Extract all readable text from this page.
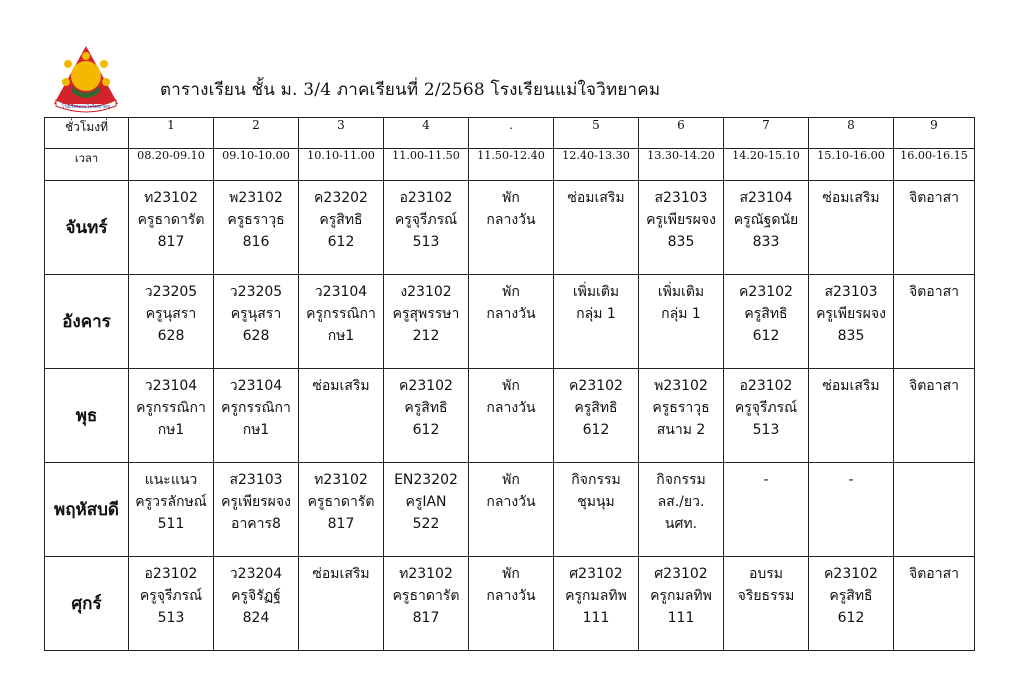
โรงเรียนแม่ใจวิทยาคม
ตารางเรียน ชั้น ม. 3/4 ภาคเรียนที่ 2/2568 โรงเรียนแม่ใจวิทยาคม
ชั่วโมงที่	1	2	3	4	.	5	6	7	8	9
เวลา	08.20-09.10	09.10-10.00	10.10-11.00	11.00-11.50	11.50-12.40	12.40-13.30	13.30-14.20	14.20-15.10	15.10-16.00	16.00-16.15
จันทร์	ท23102
ครูธาดารัต
817	พ23102
ครูธราวุธ
816	ค23202
ครูสิทธิ
612	อ23102
ครูจุรีภรณ์
513	พัก
กลางวัน	ซ่อมเสริม	ส23103
ครูเพียรผจง
835	ส23104
ครูณัฐดนัย
833	ซ่อมเสริม	จิตอาสา

อังคาร	ว23205
ครูนุสรา
628	ว23205
ครูนุสรา
628	ว23104
ครูกรรณิกา
กษ1	ง23102
ครูสุพรรษา
212	พัก
กลางวัน	เพิ่มเติม
กลุ่ม 1	เพิ่มเติม
กลุ่ม 1	ค23102
ครูสิทธิ
612	ส23103
ครูเพียรผจง
835	จิตอาสา

พุธ	ว23104
ครูกรรณิกา
กษ1	ว23104
ครูกรรณิกา
กษ1	ซ่อมเสริม	ค23102
ครูสิทธิ
612	พัก
กลางวัน	ค23102
ครูสิทธิ
612	พ23102
ครูธราวุธ
สนาม 2	อ23102
ครูจุรีภรณ์
513	ซ่อมเสริม	จิตอาสา

พฤหัสบดี	แนะแนว
ครูวรลักษณ์
511	ส23103
ครูเพียรผจง
อาคาร8	ท23102
ครูธาดารัต
817	EN23202
ครูIAN
522	พัก
กลางวัน	กิจกรรม
ชุมนุม	กิจกรรม
ลส./ยว.
นศท.	-	-	

ศุกร์	อ23102
ครูจุรีภรณ์
513	ว23204
ครูจิรัฏฐ์
824	ซ่อมเสริม	ท23102
ครูธาดารัต
817	พัก
กลางวัน	ศ23102
ครูกมลทิพ
111	ศ23102
ครูกมลทิพ
111	อบรม
จริยธรรม	ค23102
ครูสิทธิ
612	จิตอาสา
